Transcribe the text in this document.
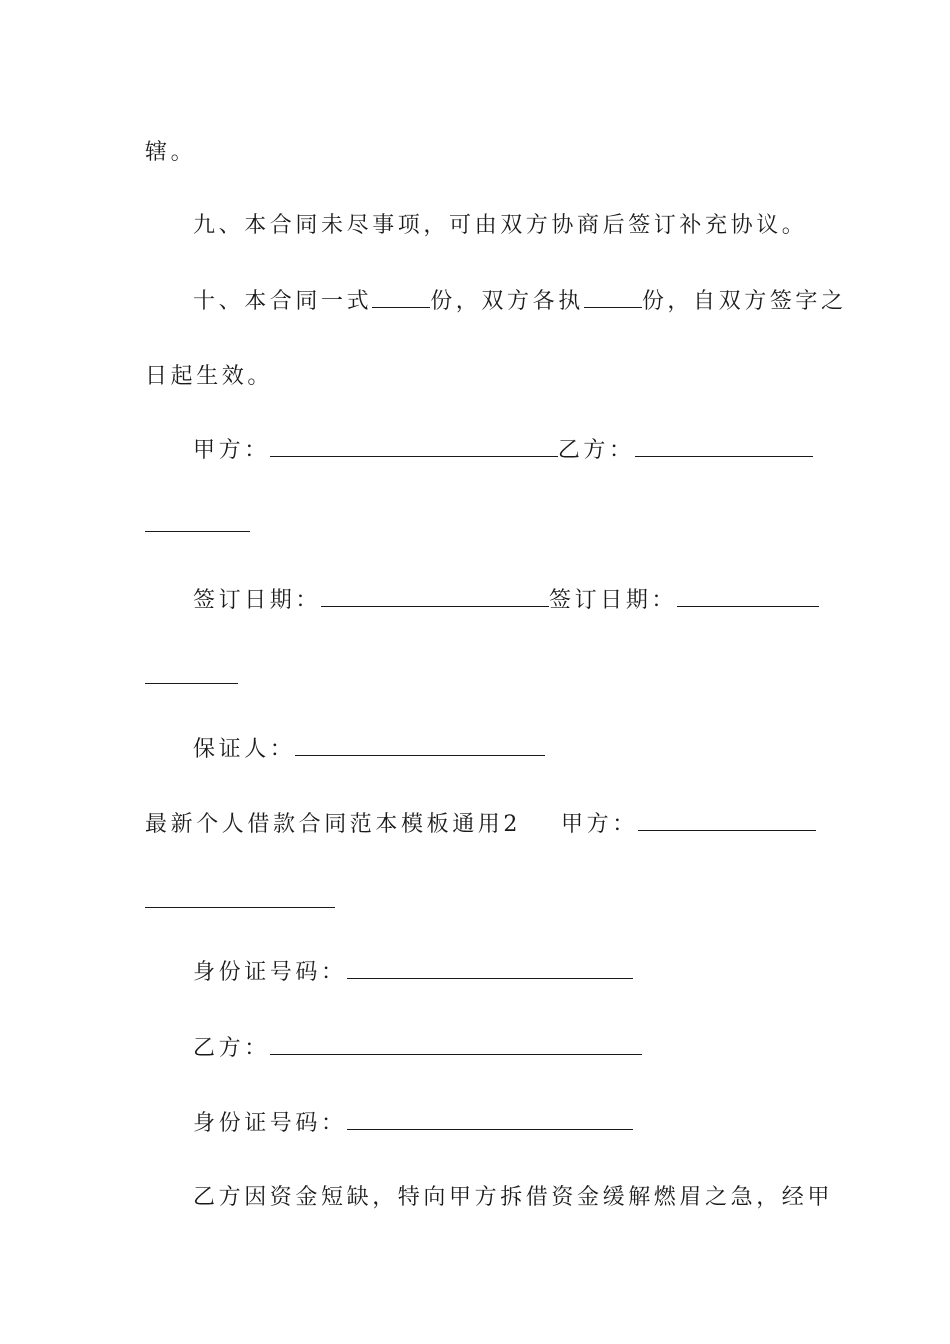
辖。
九、本合同未尽事项，可由双方协商后签订补充协议。
十、本合同一式	份，双方各执	份，自双方签字之
日起生效。
甲方：	乙方：
签订日期：	签订日期：
保证人：
最新个人借款合同范本模板通用2 甲方：
身份证号码：
乙方：
身份证号码：
乙方因资金短缺，特向甲方拆借资金缓解燃眉之急，经甲
